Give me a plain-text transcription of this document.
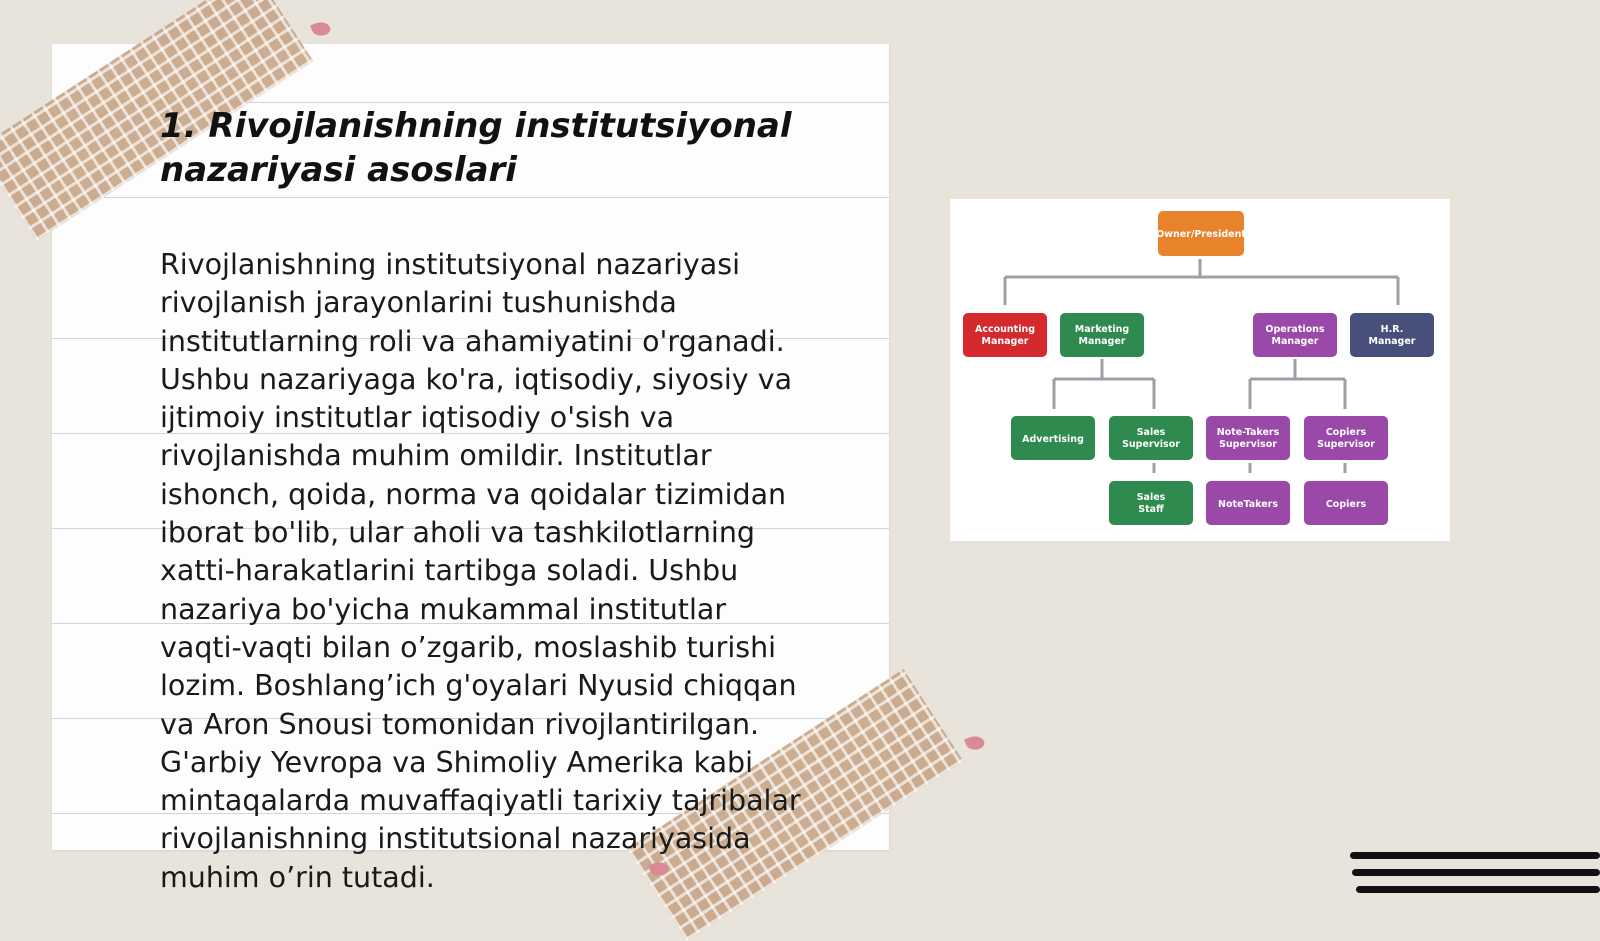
1. Rivojlanishning institutsiyonal
nazariyasi asoslari

Rivojlanishning institutsiyonal nazariyasi
rivojlanish jarayonlarini tushunishda
institutlarning roli va ahamiyatini o'rganadi.
Ushbu nazariyaga ko'ra, iqtisodiy, siyosiy va
ijtimoiy institutlar iqtisodiy o'sish va
rivojlanishda muhim omildir. Institutlar
ishonch, qoida, norma va qoidalar tizimidan
iborat bo'lib, ular aholi va tashkilotlarning
xatti-harakatlarini tartibga soladi. Ushbu
nazariya bo'yicha mukammal institutlar
vaqti-vaqti bilan o’zgarib, moslashib turishi
lozim. Boshlang’ich g'oyalari Nyusid chiqqan
va Aron Snousi tomonidan rivojlantirilgan.
G'arbiy Yevropa va Shimoliy Amerika kabi
mintaqalarda muvaffaqiyatli tarixiy tajribalar
rivojlanishning institutsional nazariyasida
muhim o’rin tutadi.

Owner/President
Accounting
Manager
Marketing
Manager
Operations
Manager
H.R.
Manager
Advertising
Sales
Supervisor
Note-Takers
Supervisor
Copiers
Supervisor
Sales
Staff	NoteTakers	Copiers
